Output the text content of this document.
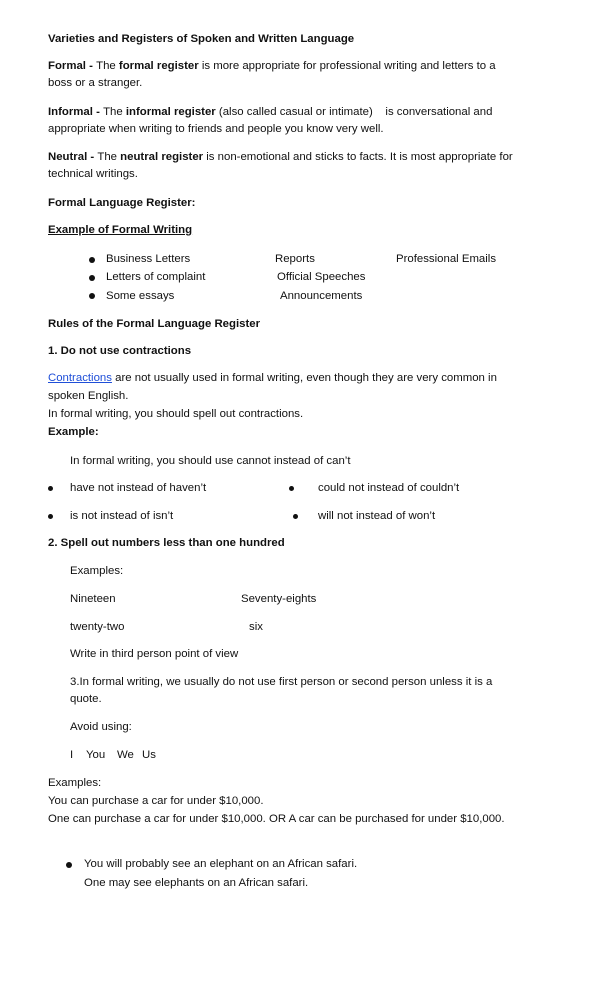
Varieties and Registers of Spoken and Written Language
Formal - The formal register is more appropriate for professional writing and letters to a
boss or a stranger.
Informal - The informal register (also called casual or intimate)    is conversational and
appropriate when writing to friends and people you know very well.
Neutral - The neutral register is non-emotional and sticks to facts. It is most appropriate for
technical writings.
Formal Language Register:
Example of Formal Writing
Business Letters	Reports	Professional Emails
Letters of complaint	Official Speeches
Some essays	Announcements
Rules of the Formal Language Register
1. Do not use contractions
Contractions are not usually used in formal writing, even though they are very common in
spoken English.
In formal writing, you should spell out contractions.
Example:
In formal writing, you should use cannot instead of can’t
have not instead of haven’t	could not instead of couldn’t
is not instead of isn’t	will not instead of won’t
2. Spell out numbers less than one hundred
Examples:
Nineteen	Seventy-eights
twenty-two	six
Write in third person point of view
3.In formal writing, we usually do not use first person or second person unless it is a
quote.
Avoid using:
I You We Us
Examples:
You can purchase a car for under $10,000.
One can purchase a car for under $10,000. OR A car can be purchased for under $10,000.
You will probably see an elephant on an African safari.
One may see elephants on an African safari.
